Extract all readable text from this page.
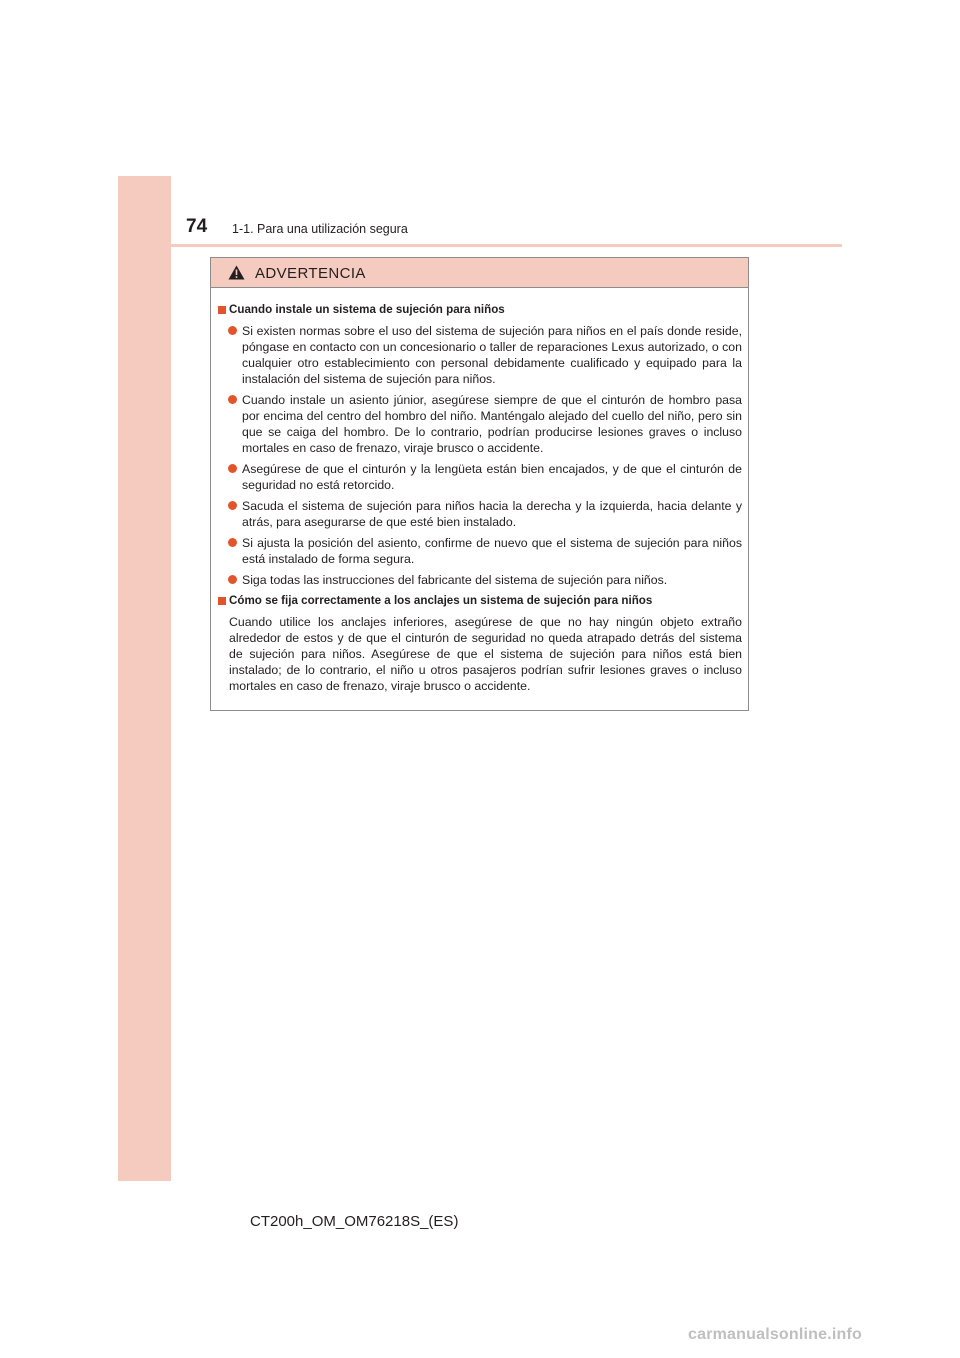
74 1-1. Para una utilización segura
ADVERTENCIA
Cuando instale un sistema de sujeción para niños
Si existen normas sobre el uso del sistema de sujeción para niños en el país donde reside, póngase en contacto con un concesionario o taller de reparaciones Lexus autorizado, o con cualquier otro establecimiento con personal debidamente cualificado y equipado para la instalación del sistema de sujeción para niños.
Cuando instale un asiento júnior, asegúrese siempre de que el cinturón de hombro pasa por encima del centro del hombro del niño. Manténgalo alejado del cuello del niño, pero sin que se caiga del hombro. De lo contrario, podrían producirse lesiones graves o incluso mortales en caso de frenazo, viraje brusco o accidente.
Asegúrese de que el cinturón y la lengüeta están bien encajados, y de que el cinturón de seguridad no está retorcido.
Sacuda el sistema de sujeción para niños hacia la derecha y la izquierda, hacia delante y atrás, para asegurarse de que esté bien instalado.
Si ajusta la posición del asiento, confirme de nuevo que el sistema de sujeción para niños está instalado de forma segura.
Siga todas las instrucciones del fabricante del sistema de sujeción para niños.
Cómo se fija correctamente a los anclajes un sistema de sujeción para niños
Cuando utilice los anclajes inferiores, asegúrese de que no hay ningún objeto extraño alrededor de estos y de que el cinturón de seguridad no queda atrapado detrás del sistema de sujeción para niños. Asegúrese de que el sistema de sujeción para niños está bien instalado; de lo contrario, el niño u otros pasajeros podrían sufrir lesiones graves o incluso mortales en caso de frenazo, viraje brusco o accidente.
CT200h_OM_OM76218S_(ES)
carmanualsonline.info
